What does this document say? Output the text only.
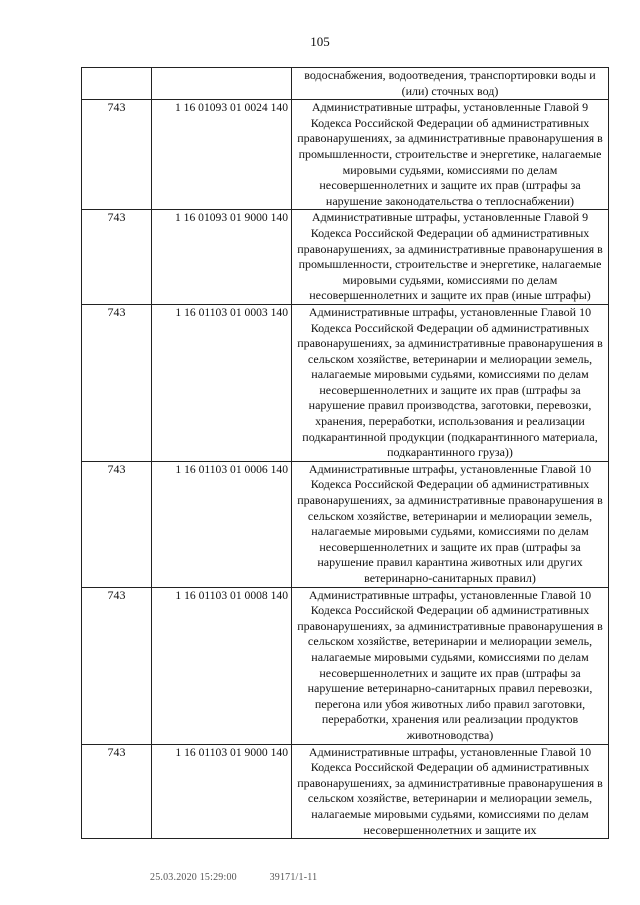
105
		водоснабжения, водоотведения, транспортировки воды и (или) сточных вод)
743	1 16 01093 01 0024 140	Административные штрафы, установленные Главой 9 Кодекса Российской Федерации об административных правонарушениях, за административные правонарушения в промышленности, строительстве и энергетике, налагаемые мировыми судьями, комиссиями по делам несовершеннолетних и защите их прав (штрафы за нарушение законодательства о теплоснабжении)
743	1 16 01093 01 9000 140	Административные штрафы, установленные Главой 9 Кодекса Российской Федерации об административных правонарушениях, за административные правонарушения в промышленности, строительстве и энергетике, налагаемые мировыми судьями, комиссиями по делам несовершеннолетних и защите их прав (иные штрафы)
743	1 16 01103 01 0003 140	Административные штрафы, установленные Главой 10 Кодекса Российской Федерации об административных правонарушениях, за административные правонарушения в сельском хозяйстве, ветеринарии и мелиорации земель, налагаемые мировыми судьями, комиссиями по делам несовершеннолетних и защите их прав (штрафы за нарушение правил производства, заготовки, перевозки, хранения, переработки, использования и реализации подкарантинной продукции (подкарантинного материала, подкарантинного груза))
743	1 16 01103 01 0006 140	Административные штрафы, установленные Главой 10 Кодекса Российской Федерации об административных правонарушениях, за административные правонарушения в сельском хозяйстве, ветеринарии и мелиорации земель, налагаемые мировыми судьями, комиссиями по делам несовершеннолетних и защите их прав (штрафы за нарушение правил карантина животных или других ветеринарно-санитарных правил)
743	1 16 01103 01 0008 140	Административные штрафы, установленные Главой 10 Кодекса Российской Федерации об административных правонарушениях, за административные правонарушения в сельском хозяйстве, ветеринарии и мелиорации земель, налагаемые мировыми судьями, комиссиями по делам несовершеннолетних и защите их прав (штрафы за нарушение ветеринарно-санитарных правил перевозки, перегона или убоя животных либо правил заготовки, переработки, хранения или реализации продуктов животноводства)
743	1 16 01103 01 9000 140	Административные штрафы, установленные Главой 10 Кодекса Российской Федерации об административных правонарушениях, за административные правонарушения в сельском хозяйстве, ветеринарии и мелиорации земель, налагаемые мировыми судьями, комиссиями по делам несовершеннолетних и защите их
25.03.2020 15:29:00	39171/1-11
